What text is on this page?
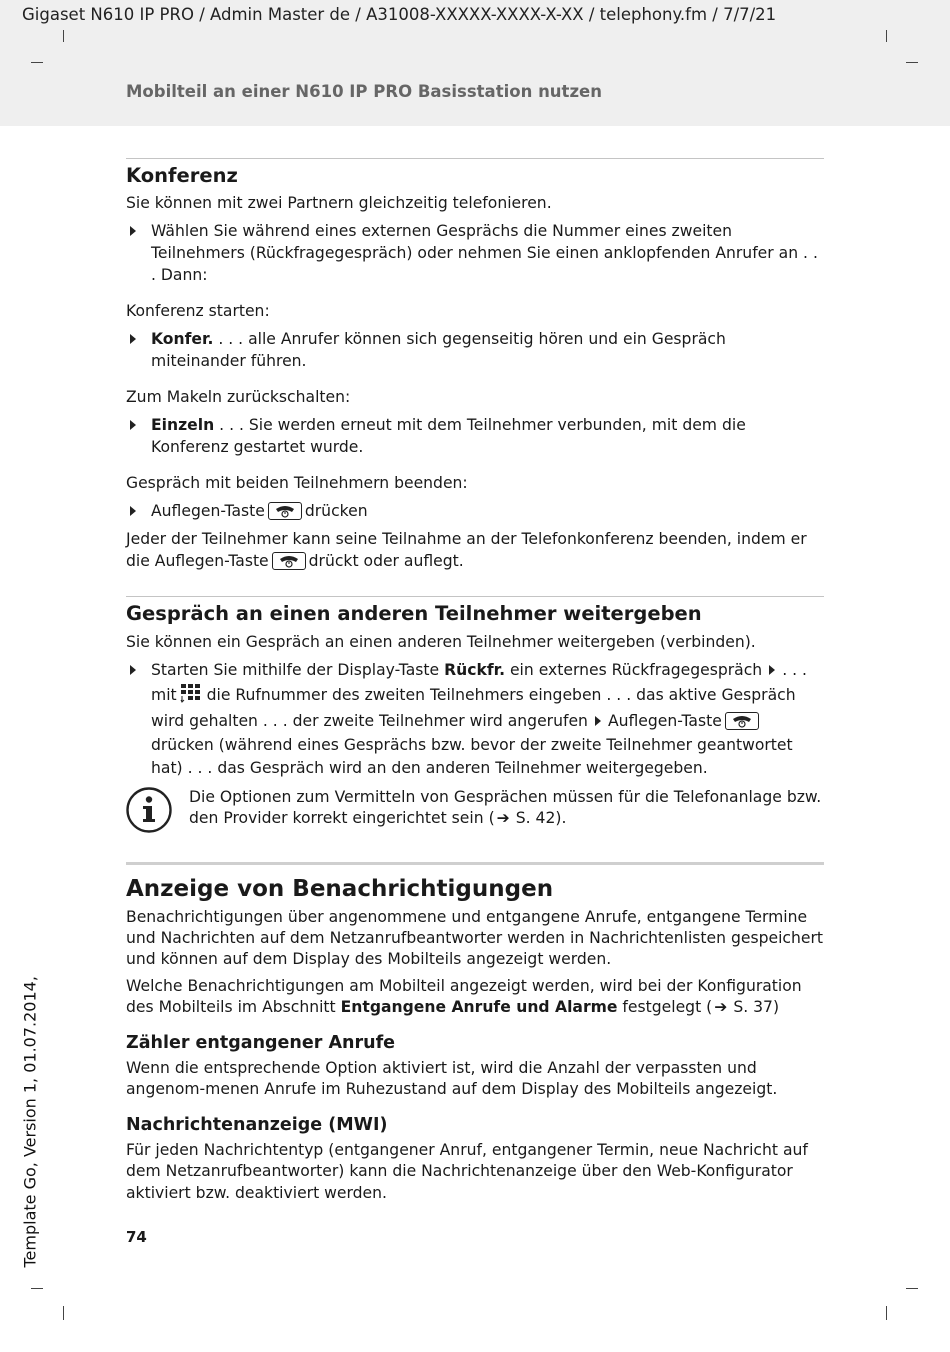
Gigaset N610 IP PRO / Admin Master de / A31008-XXXXX-XXXX-X-XX / telephony.fm / 7/7/21
Mobilteil an einer N610 IP PRO Basisstation nutzen
Template Go, Version 1, 01.07.2014,
Konferenz

Sie können mit zwei Partnern gleichzeitig telefonieren.

Wählen Sie während eines externen Gesprächs die Nummer eines zweiten Teilnehmers (Rückfragegespräch) oder nehmen Sie einen anklopfenden Anrufer an . . . Dann:

Konferenz starten:

Konfer. . . . alle Anrufer können sich gegenseitig hören und ein Gespräch miteinander führen.

Zum Makeln zurückschalten:

Einzeln . . . Sie werden erneut mit dem Teilnehmer verbunden, mit dem die Konferenz gestartet wurde.

Gespräch mit beiden Teilnehmern beenden:

Auflegen-Taste	drücken

Jeder der Teilnehmer kann seine Teilnahme an der Telefonkonferenz beenden, indem er die Auflegen-Taste	drückt oder auflegt.

Gespräch an einen anderen Teilnehmer weitergeben

Sie können ein Gespräch an einen anderen Teilnehmer weitergeben (verbinden).

Starten Sie mithilfe der Display-Taste Rückfr. ein externes Rückfragegespräch . . . mit die Rufnummer des zweiten Teilnehmers eingeben . . . das aktive Gespräch wird gehalten . . . der zweite Teilnehmer wird angerufen Auflegen-Taste
drücken (während eines Gesprächs bzw. bevor der zweite Teilnehmer geantwortet hat) . . . das Gespräch wird an den anderen Teilnehmer weitergegeben.

Die Optionen zum Vermitteln von Gesprächen müssen für die Telefonanlage bzw. den Provider korrekt eingerichtet sein ( ➔ S. 42).

Anzeige von Benachrichtigungen

Benachrichtigungen über angenommene und entgangene Anrufe, entgangene Termine und Nachrichten auf dem Netzanrufbeantworter werden in Nachrichtenlisten gespeichert und können auf dem Display des Mobilteils angezeigt werden.

Welche Benachrichtigungen am Mobilteil angezeigt werden, wird bei der Konfiguration des Mobilteils im Abschnitt Entgangene Anrufe und Alarme festgelegt ( ➔ S. 37)

Zähler entgangener Anrufe

Wenn die entsprechende Option aktiviert ist, wird die Anzahl der verpassten und angenom-menen Anrufe im Ruhezustand auf dem Display des Mobilteils angezeigt.

Nachrichtenanzeige (MWI)

Für jeden Nachrichtentyp (entgangener Anruf, entgangener Termin, neue Nachricht auf dem Netzanrufbeantworter) kann die Nachrichtenanzeige über den Web-Konfigurator aktiviert bzw. deaktiviert werden.

74
